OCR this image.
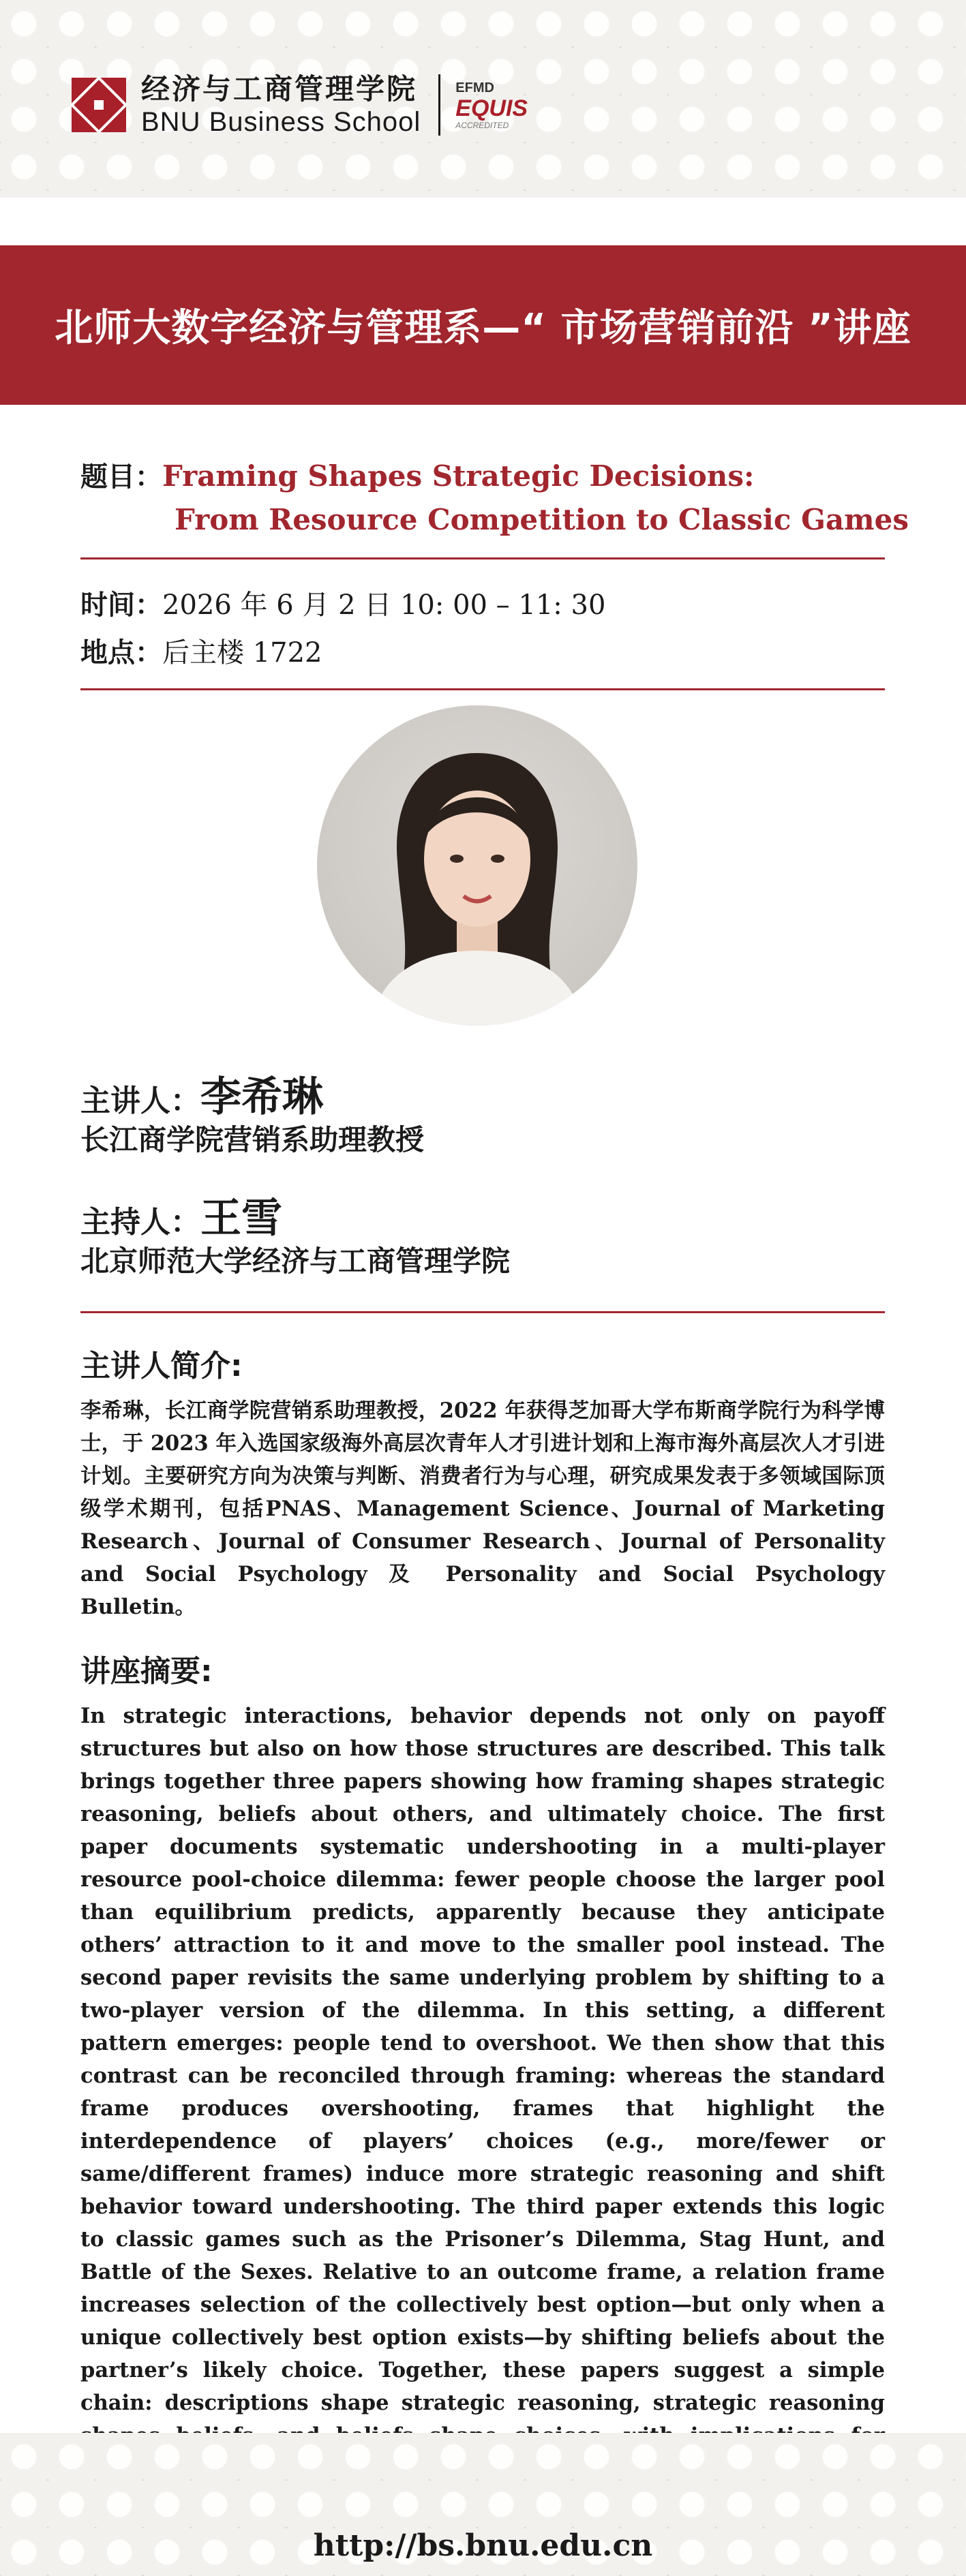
经济与工商管理学院
BNU Business School
EFMD
EQUIS
ACCREDITED
北师大数字经济与管理系—“ 市场营销前沿 ”讲座
题目：Framing Shapes Strategic Decisions:
From Resource Competition to Classic Games
时间：2026 年 6 月 2 日 10: 00 – 11: 30
地点：后主楼 1722
主讲人：李希琳
长江商学院营销系助理教授
主持人：王雪
北京师范大学经济与工商管理学院
主讲人简介:
李希琳，长江商学院营销系助理教授，2022 年获得芝加哥大学布斯商学院行为科学博士，于 2023 年入选国家级海外高层次青年人才引进计划和上海市海外高层次人才引进计划。主要研究方向为决策与判断、消费者行为与心理，研究成果发表于多领域国际顶级学术期刊，包括PNAS、Management Science、Journal of Marketing Research、Journal of Consumer Research、Journal of Personality and Social Psychology 及 Personality and Social Psychology Bulletin。
讲座摘要:
In strategic interactions, behavior depends not only on payoff structures but also on how those structures are described. This talk brings together three papers showing how framing shapes strategic reasoning, beliefs about others, and ultimately choice. The first paper documents systematic undershooting in a multi-player resource pool-choice dilemma: fewer people choose the larger pool than equilibrium predicts, apparently because they anticipate others’ attraction to it and move to the smaller pool instead. The second paper revisits the same underlying problem by shifting to a two-player version of the dilemma. In this setting, a different pattern emerges: people tend to overshoot. We then show that this contrast can be reconciled through framing: whereas the standard frame produces overshooting, frames that highlight the interdependence of players’ choices (e.g., more/fewer or same/different frames) induce more strategic reasoning and shift behavior toward undershooting. The third paper extends this logic to classic games such as the Prisoner’s Dilemma, Stag Hunt, and Battle of the Sexes. Relative to an outcome frame, a relation frame increases selection of the collectively best option—but only when a unique collectively best option exists—by shifting beliefs about the partner’s likely choice. Together, these papers suggest a simple chain: descriptions shape strategic reasoning, strategic reasoning
http://bs.bnu.edu.cn
